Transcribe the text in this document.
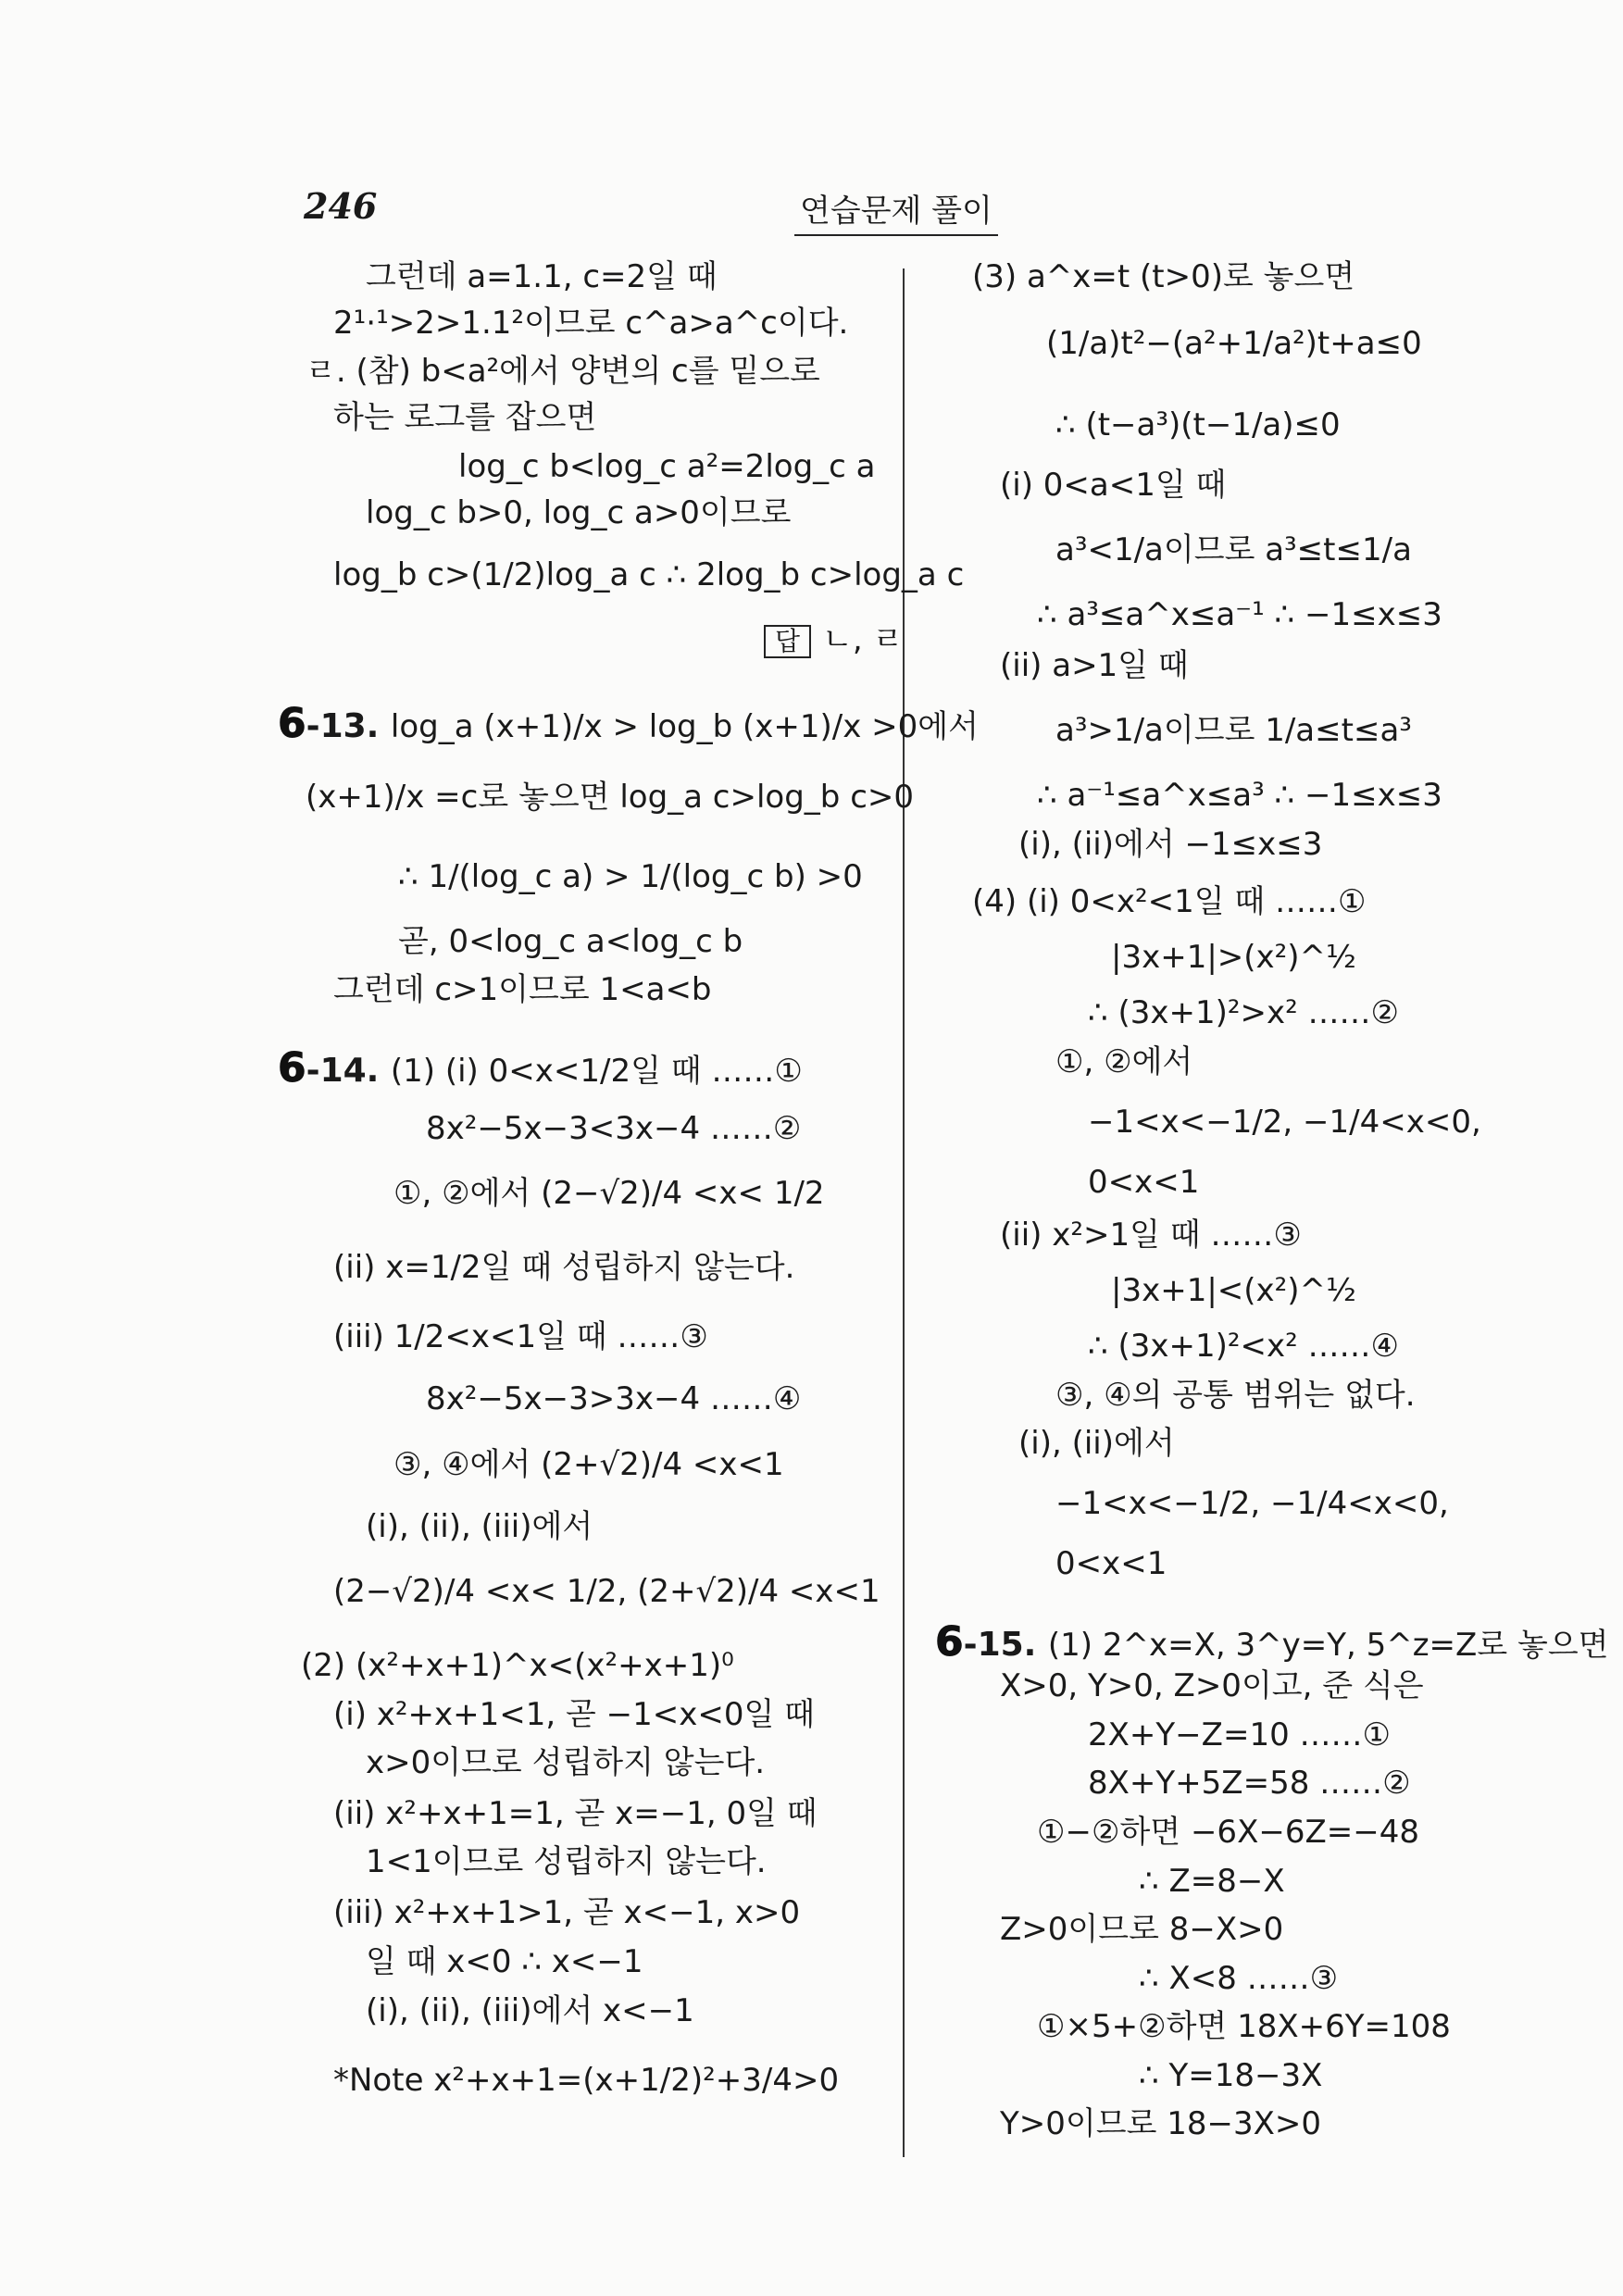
246	연습문제 풀이
그런데 a=1.1, c=2일 때
2¹·¹>2>1.1²이므로 c^a>a^c이다.
ㄹ. (참) b<a²에서 양변의 c를 밑으로
하는 로그를 잡으면
log_c b<log_c a²=2log_c a
log_c b>0, log_c a>0이므로
log_b c>(1/2)log_a c ∴ 2log_b c>log_a c
답 ㄴ, ㄹ
6-13. log_a (x+1)/x > log_b (x+1)/x >0에서
(x+1)/x =c로 놓으면 log_a c>log_b c>0
∴ 1/(log_c a) > 1/(log_c b) >0
곧, 0<log_c a<log_c b
그런데 c>1이므로 1<a<b
6-14. (1) (i) 0<x<1/2일 때 ……①
8x²−5x−3<3x−4 ……②
①, ②에서 (2−√2)/4 <x< 1/2
(ii) x=1/2일 때 성립하지 않는다.
(iii) 1/2<x<1일 때 ……③
8x²−5x−3>3x−4 ……④
③, ④에서 (2+√2)/4 <x<1
(i), (ii), (iii)에서
(2−√2)/4 <x< 1/2, (2+√2)/4 <x<1
(2) (x²+x+1)^x<(x²+x+1)⁰
(i) x²+x+1<1, 곧 −1<x<0일 때
x>0이므로 성립하지 않는다.
(ii) x²+x+1=1, 곧 x=−1, 0일 때
1<1이므로 성립하지 않는다.
(iii) x²+x+1>1, 곧 x<−1, x>0
일 때 x<0 ∴ x<−1
(i), (ii), (iii)에서 x<−1
*Note x²+x+1=(x+1/2)²+3/4>0
(3) a^x=t (t>0)로 놓으면
(1/a)t²−(a²+1/a²)t+a≤0
∴ (t−a³)(t−1/a)≤0
(i) 0<a<1일 때
a³<1/a이므로 a³≤t≤1/a
∴ a³≤a^x≤a⁻¹ ∴ −1≤x≤3
(ii) a>1일 때
a³>1/a이므로 1/a≤t≤a³
∴ a⁻¹≤a^x≤a³ ∴ −1≤x≤3
(i), (ii)에서 −1≤x≤3
(4) (i) 0<x²<1일 때 ……①
|3x+1|>(x²)^½
∴ (3x+1)²>x² ……②
①, ②에서
−1<x<−1/2, −1/4<x<0,
0<x<1
(ii) x²>1일 때 ……③
|3x+1|<(x²)^½
∴ (3x+1)²<x² ……④
③, ④의 공통 범위는 없다.
(i), (ii)에서
−1<x<−1/2, −1/4<x<0,
0<x<1
6-15. (1) 2^x=X, 3^y=Y, 5^z=Z로 놓으면
X>0, Y>0, Z>0이고, 준 식은
2X+Y−Z=10 ……①
8X+Y+5Z=58 ……②
①−②하면 −6X−6Z=−48
∴ Z=8−X
Z>0이므로 8−X>0
∴ X<8 ……③
①×5+②하면 18X+6Y=108
∴ Y=18−3X
Y>0이므로 18−3X>0
